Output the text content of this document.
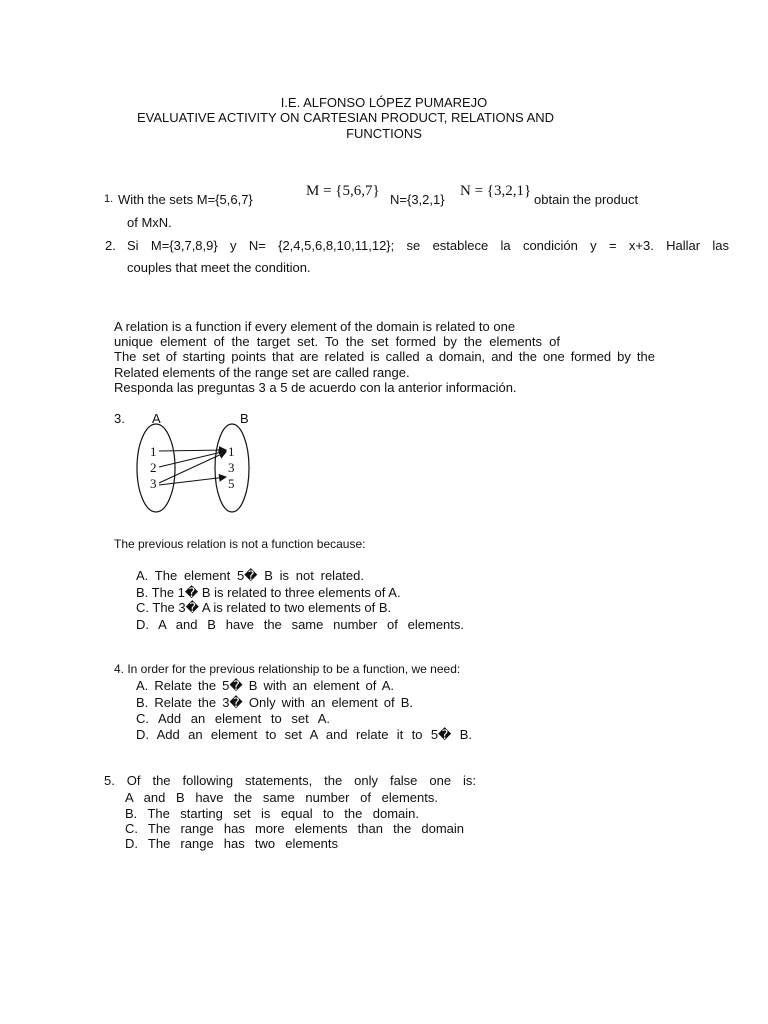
I.E. ALFONSO LÓPEZ PUMAREJO
EVALUATIVE ACTIVITY ON CARTESIAN PRODUCT, RELATIONS AND
FUNCTIONS
1. With the sets M={5,6,7}
M = {5,6,7}
N={3,2,1}
N = {3,2,1}
obtain the product
of MxN.
2. Si M={3,7,8,9} y N= {2,4,5,6,8,10,11,12}; se establece la condición y = x+3. Hallar las
couples that meet the condition.
A relation is a function if every element of the domain is related to one
unique element of the target set. To the set formed by the elements of
The set of starting points that are related is called a domain, and the one formed by the
Related elements of the range set are called range.
Responda las preguntas 3 a 5 de acuerdo con la anterior información.
3. A	B
1
2
3
1
3
5
The previous relation is not a function because:
A. The element 5� B is not related.
B. The 1� B is related to three elements of A.
C. The 3� A is related to two elements of B.
D. A and B have the same number of elements.
4. In order for the previous relationship to be a function, we need:
A. Relate the 5� B with an element of A.
B. Relate the 3� Only with an element of B.
C. Add an element to set A.
D. Add an element to set A and relate it to 5� B.
5. Of the following statements, the only false one is:
A and B have the same number of elements.
B. The starting set is equal to the domain.
C. The range has more elements than the domain
D. The range has two elements
